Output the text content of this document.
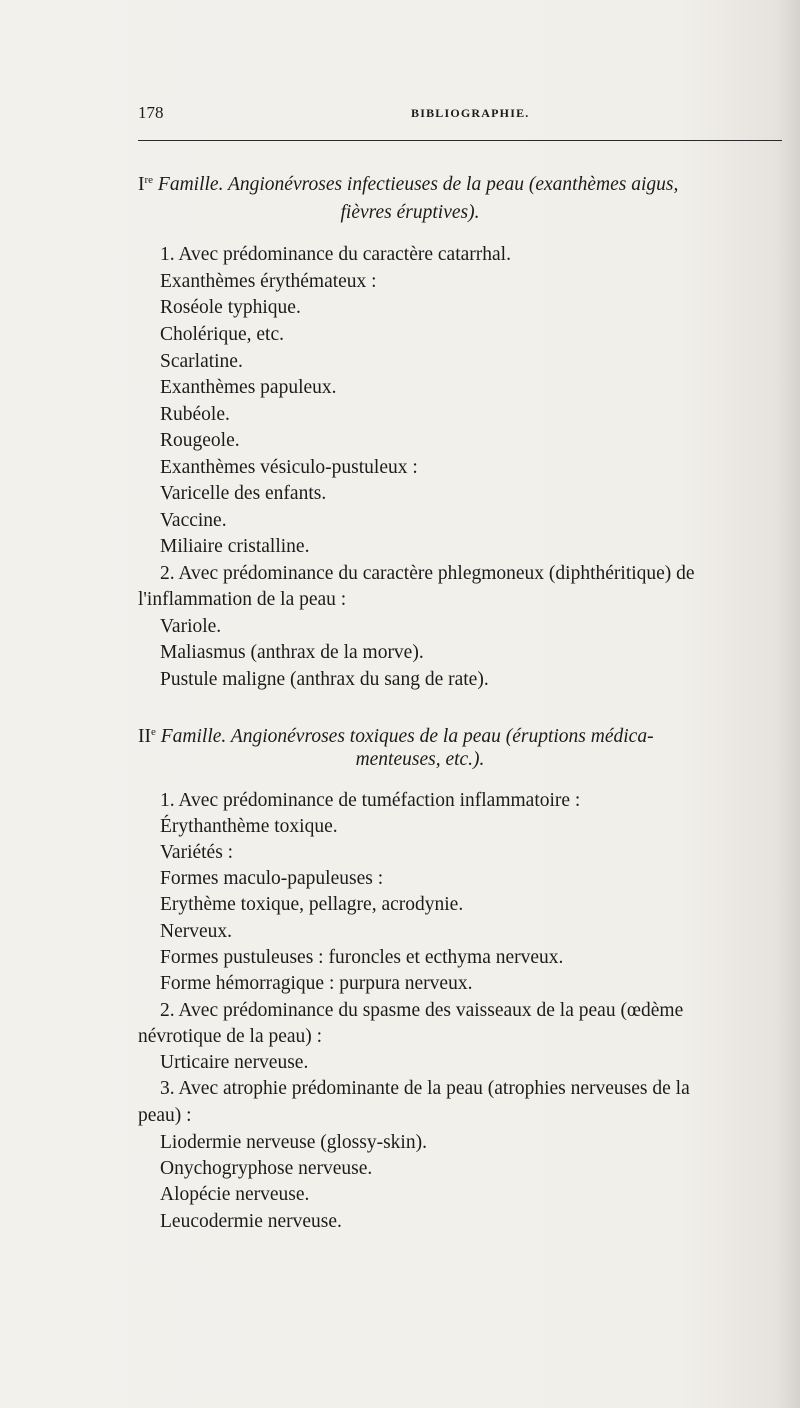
178	BIBLIOGRAPHIE.
Ire Famille. Angionévroses infectieuses de la peau (exanthèmes aigus,
fièvres éruptives).
1. Avec prédominance du caractère catarrhal.
Exanthèmes érythémateux :
Roséole typhique.
Cholérique, etc.
Scarlatine.
Exanthèmes papuleux.
Rubéole.
Rougeole.
Exanthèmes vésiculo-pustuleux :
Varicelle des enfants.
Vaccine.
Miliaire cristalline.
2. Avec prédominance du caractère phlegmoneux (diphthéritique) de
l'inflammation de la peau :
Variole.
Maliasmus (anthrax de la morve).
Pustule maligne (anthrax du sang de rate).
IIe Famille. Angionévroses toxiques de la peau (éruptions médica-
menteuses, etc.).
1. Avec prédominance de tuméfaction inflammatoire :
Érythanthème toxique.
Variétés :
Formes maculo-papuleuses :
Erythème toxique, pellagre, acrodynie.
Nerveux.
Formes pustuleuses : furoncles et ecthyma nerveux.
Forme hémorragique : purpura nerveux.
2. Avec prédominance du spasme des vaisseaux de la peau (œdème
névrotique de la peau) :
Urticaire nerveuse.
3. Avec atrophie prédominante de la peau (atrophies nerveuses de la
peau) :
Liodermie nerveuse (glossy-skin).
Onychogryphose nerveuse.
Alopécie nerveuse.
Leucodermie nerveuse.
